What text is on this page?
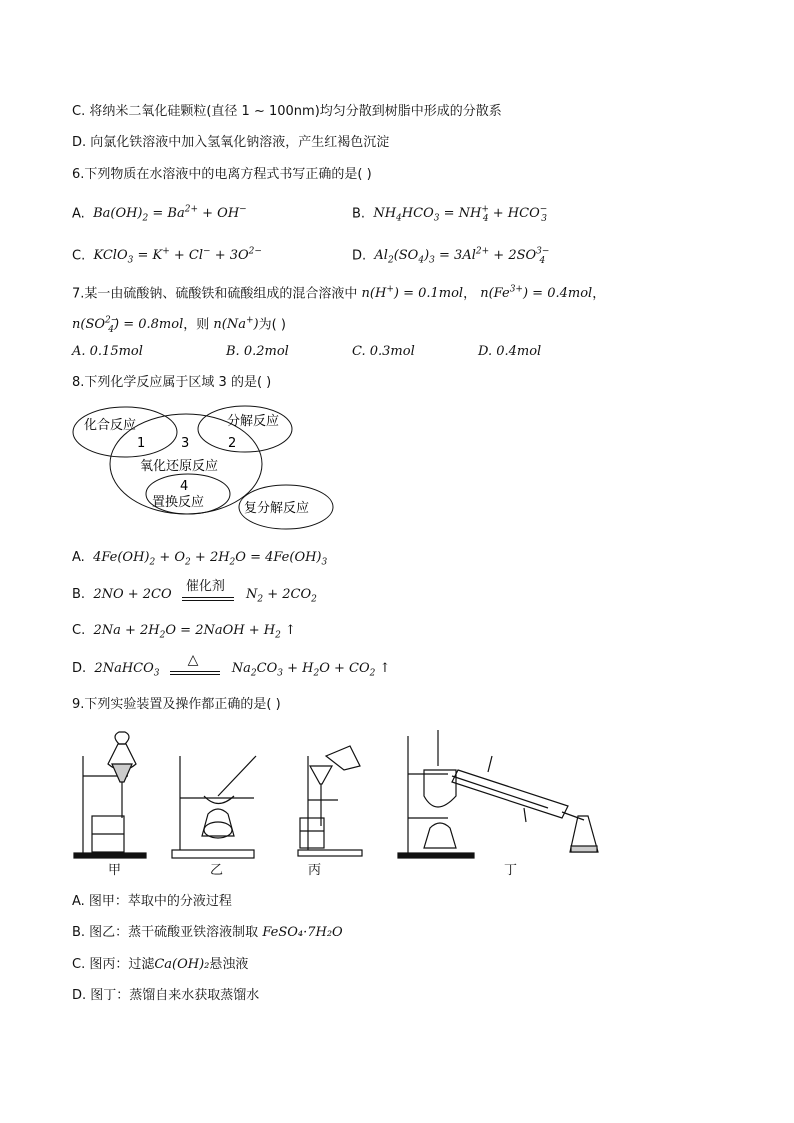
C. 将纳米二氧化硅颗粒(直径 1 ~ 100nm)均匀分散到树脂中形成的分散系
D. 向氯化铁溶液中加入氢氧化钠溶液，产生红褐色沉淀
6.下列物质在水溶液中的电离方程式书写正确的是( )
A. $Ba(OH)_2 = Ba^{2+} + OH^-$	B. $NH_4HCO_3 = NH^+_4 + HCO^-_3$
C. KClO$_3$ = $K^+ + Cl^- + 3O^{2-}$	D. $Al_2(SO_4)_3 = 3Al^{2+} + 2SO^{3-}_4$
7.某一由硫酸钠、硫酸铁和硫酸组成的混合溶液中 n(H+) = 0.1mol， $n(Fe^{3+}) = 0.4mol$，
$n(SO^{2-}_4) = 0.8mol$，则 n(Na+)为( )
A. 0.15mol	B. 0.2mol	C. 0.3mol	D. 0.4mol
8.下列化学反应属于区域 3 的是( )
化合反应	分解反应
1	3	2
氧化还原反应
4
置换反应	复分解反应
A. $4Fe(OH)_2 + O_2 + 2H_2O = 4Fe(OH)_3$
B. 2NO + 2CO
催化剂
$N_2 + 2CO_2$
C. $2Na + 2H_2O$ = 2NaOH + $H_2$ ↑
D. 2NaHCO$_3$
△
$Na_2CO_3 + H_2O + CO_2$ ↑
9.下列实验装置及操作都正确的是( )
甲	乙	丙	丁
A. 图甲：萃取中的分液过程
B. 图乙：蒸干硫酸亚铁溶液制取 FeSO₄·7H₂O
C. 图丙：过滤Ca(OH)₂悬浊液
D. 图丁：蒸馏自来水获取蒸馏水
